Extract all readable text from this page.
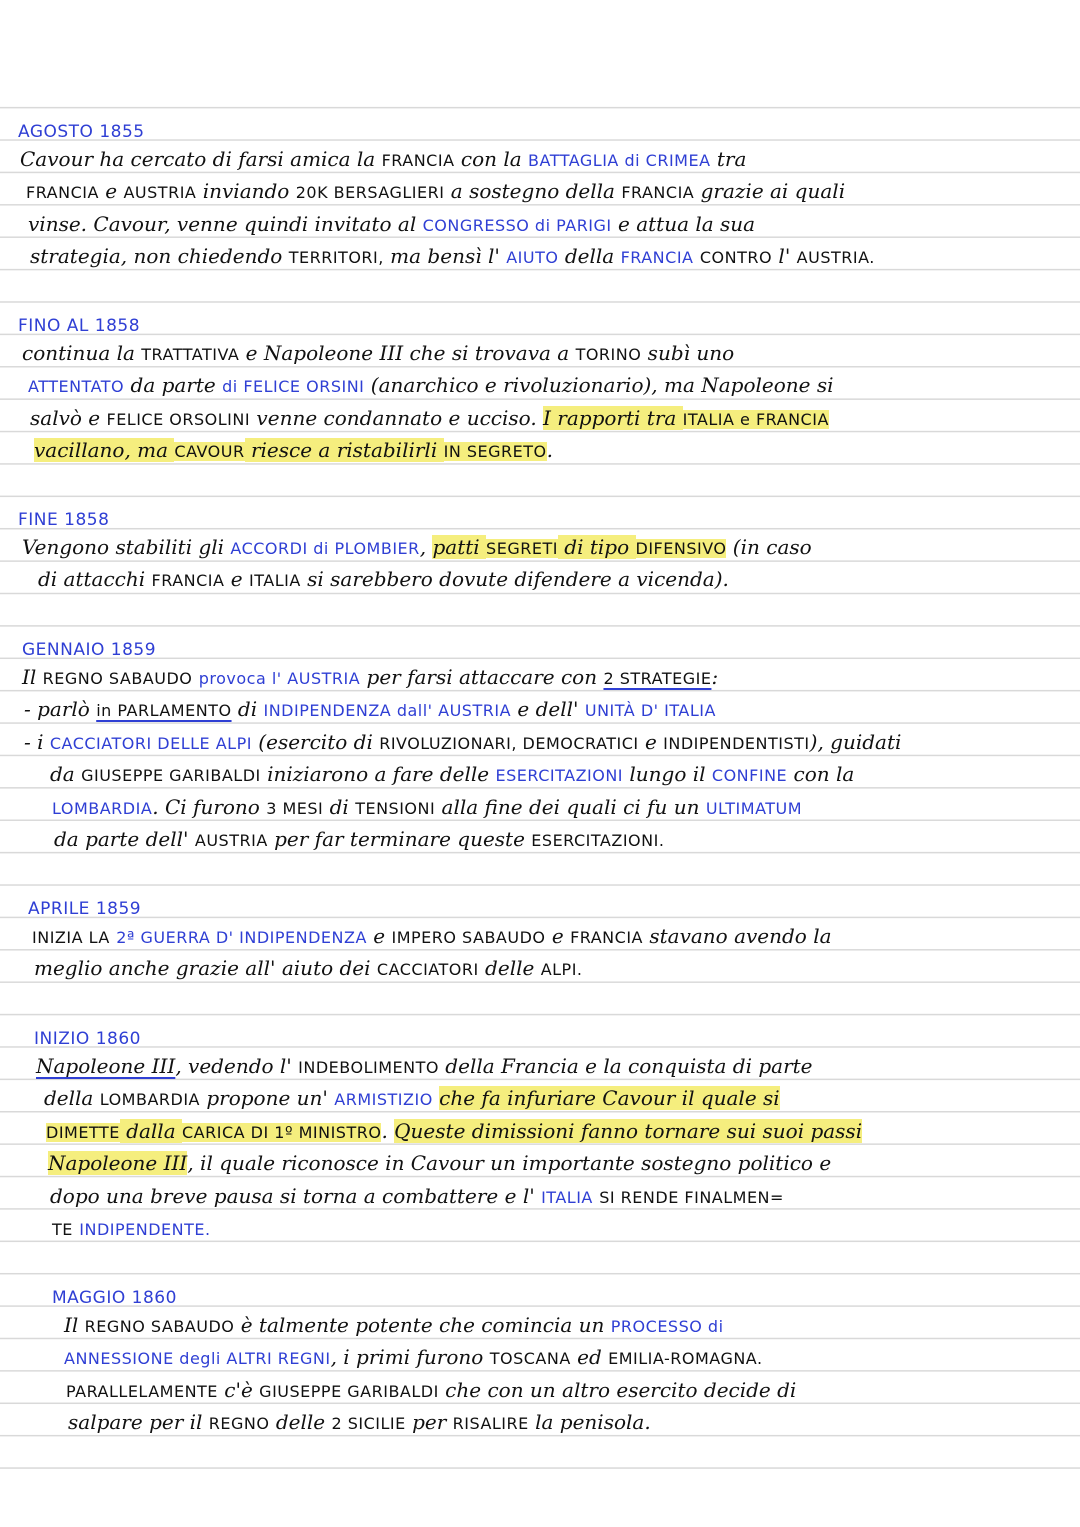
AGOSTO 1855
Cavour ha cercato di farsi amica la FRANCIA con la BATTAGLIA di CRIMEA tra
FRANCIA e AUSTRIA inviando 20K BERSAGLIERI a sostegno della FRANCIA grazie ai quali
vinse. Cavour, venne quindi invitato al CONGRESSO di PARIGI e attua la sua
strategia, non chiedendo TERRITORI, ma bensì l' AIUTO della FRANCIA CONTRO l' AUSTRIA.
FINO AL 1858
continua la TRATTATIVA e Napoleone III che si trovava a TORINO subì uno
ATTENTATO da parte di FELICE ORSINI (anarchico e rivoluzionario), ma Napoleone si
salvò e FELICE ORSOLINI venne condannato e ucciso. I rapporti tra ITALIA e FRANCIA
vacillano, ma CAVOUR riesce a ristabilirli IN SEGRETO.
FINE 1858
Vengono stabiliti gli ACCORDI di PLOMBIER, patti SEGRETI di tipo DIFENSIVO (in caso
di attacchi FRANCIA e ITALIA si sarebbero dovute difendere a vicenda).
GENNAIO 1859
Il REGNO SABAUDO provoca l' AUSTRIA per farsi attaccare con 2 STRATEGIE:
- parlò in PARLAMENTO di INDIPENDENZA dall' AUSTRIA e dell' UNITÀ D' ITALIA
- i CACCIATORI DELLE ALPI (esercito di RIVOLUZIONARI, DEMOCRATICI e INDIPENDENTISTI), guidati
da GIUSEPPE GARIBALDI iniziarono a fare delle ESERCITAZIONI lungo il CONFINE con la
LOMBARDIA. Ci furono 3 MESI di TENSIONI alla fine dei quali ci fu un ULTIMATUM
da parte dell' AUSTRIA per far terminare queste ESERCITAZIONI.
APRILE 1859
INIZIA LA 2ª GUERRA D' INDIPENDENZA e IMPERO SABAUDO e FRANCIA stavano avendo la
meglio anche grazie all' aiuto dei CACCIATORI delle ALPI.
INIZIO 1860
Napoleone III, vedendo l' INDEBOLIMENTO della Francia e la conquista di parte
della LOMBARDIA propone un' ARMISTIZIO che fa infuriare Cavour il quale si
DIMETTE dalla CARICA DI 1º MINISTRO. Queste dimissioni fanno tornare sui suoi passi
Napoleone III, il quale riconosce in Cavour un importante sostegno politico e
dopo una breve pausa si torna a combattere e l' ITALIA SI RENDE FINALMEN=
TE INDIPENDENTE.
MAGGIO 1860
Il REGNO SABAUDO è talmente potente che comincia un PROCESSO di
ANNESSIONE degli ALTRI REGNI, i primi furono TOSCANA ed EMILIA-ROMAGNA.
PARALLELAMENTE c'è GIUSEPPE GARIBALDI che con un altro esercito decide di
salpare per il REGNO delle 2 SICILIE per RISALIRE la penisola.
